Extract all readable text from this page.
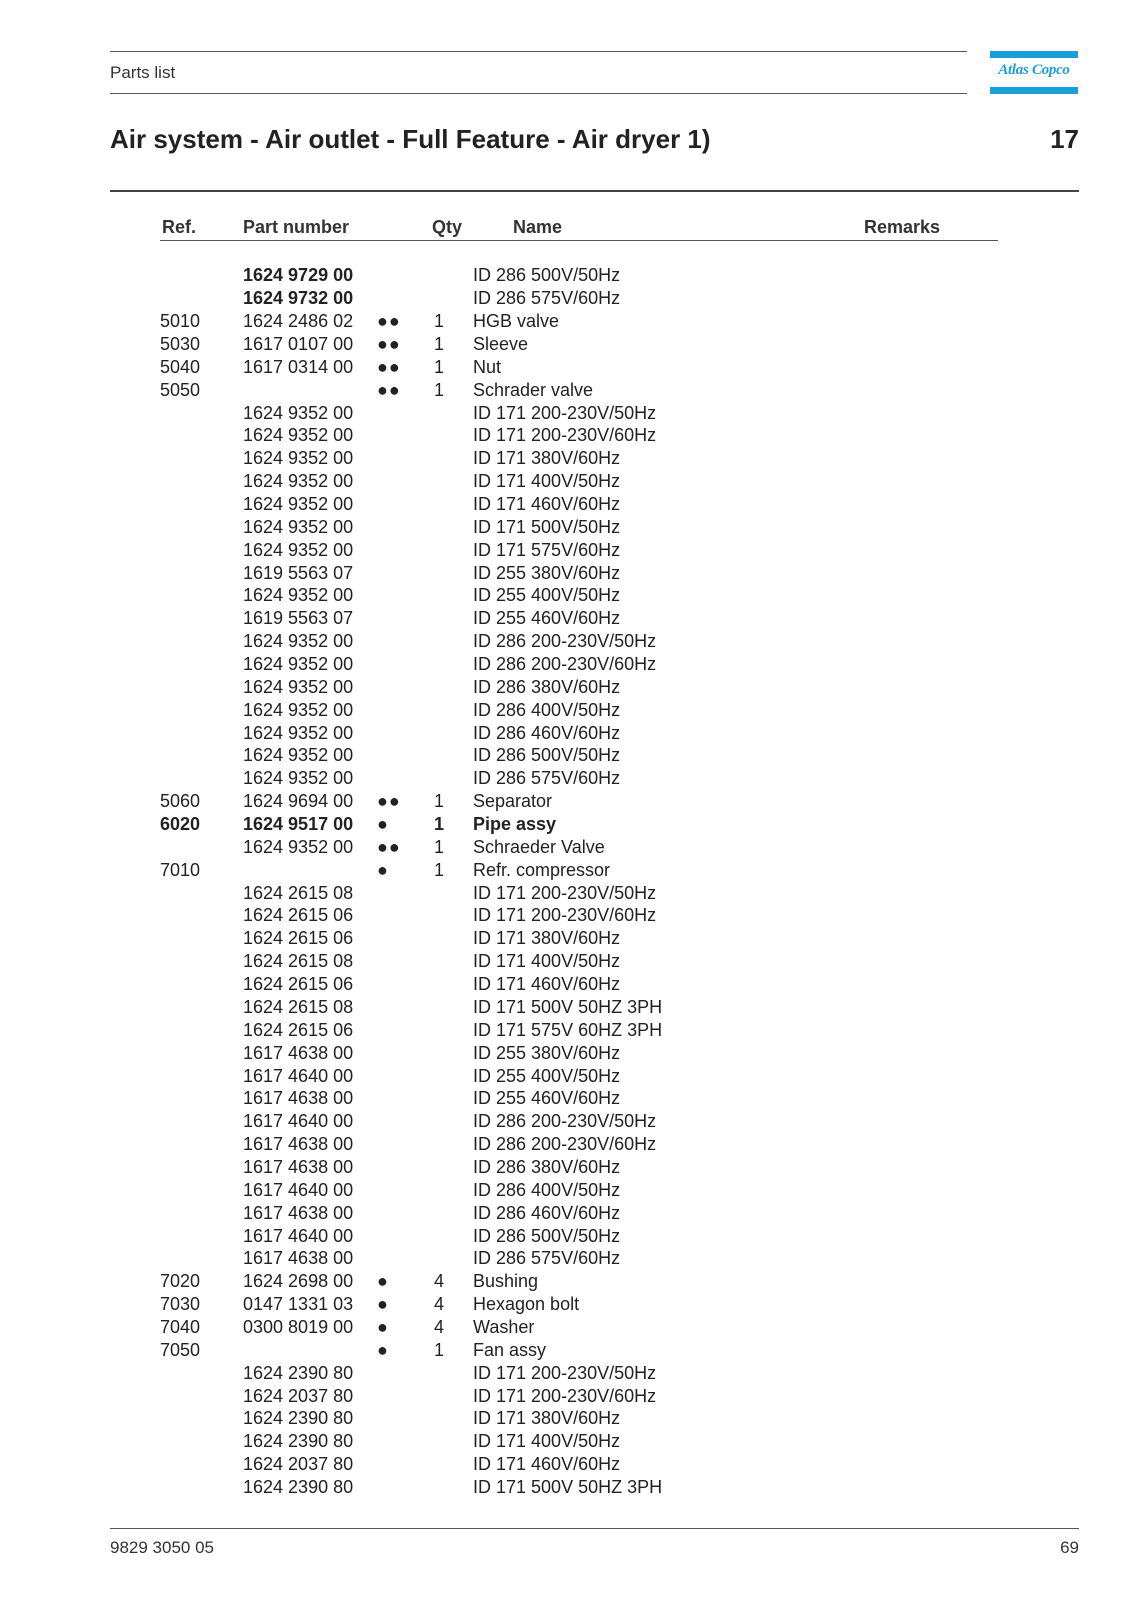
Parts list	Atlas Copco
Air system - Air outlet - Full Feature - Air dryer 1)	17
Ref.	Part number	Qty	Name	Remarks
	1624 9729 00			ID 286 500V/50Hz	
	1624 9732 00			ID 286 575V/60Hz	
5010	1624 2486 02	●●	1	HGB valve	
5030	1617 0107 00	●●	1	Sleeve	
5040	1617 0314 00	●●	1	Nut	
5050		●●	1	Schrader valve	
	1624 9352 00			ID 171 200-230V/50Hz	
	1624 9352 00			ID 171 200-230V/60Hz	
	1624 9352 00			ID 171 380V/60Hz	
	1624 9352 00			ID 171 400V/50Hz	
	1624 9352 00			ID 171 460V/60Hz	
	1624 9352 00			ID 171 500V/50Hz	
	1624 9352 00			ID 171 575V/60Hz	
	1619 5563 07			ID 255 380V/60Hz	
	1624 9352 00			ID 255 400V/50Hz	
	1619 5563 07			ID 255 460V/60Hz	
	1624 9352 00			ID 286 200-230V/50Hz	
	1624 9352 00			ID 286 200-230V/60Hz	
	1624 9352 00			ID 286 380V/60Hz	
	1624 9352 00			ID 286 400V/50Hz	
	1624 9352 00			ID 286 460V/60Hz	
	1624 9352 00			ID 286 500V/50Hz	
	1624 9352 00			ID 286 575V/60Hz	
5060	1624 9694 00	●●	1	Separator	
6020	1624 9517 00	●	1	Pipe assy	
	1624 9352 00	●●	1	Schraeder Valve	
7010		●	1	Refr. compressor	
	1624 2615 08			ID 171 200-230V/50Hz	
	1624 2615 06			ID 171 200-230V/60Hz	
	1624 2615 06			ID 171 380V/60Hz	
	1624 2615 08			ID 171 400V/50Hz	
	1624 2615 06			ID 171 460V/60Hz	
	1624 2615 08			ID 171 500V 50HZ 3PH	
	1624 2615 06			ID 171 575V 60HZ 3PH	
	1617 4638 00			ID 255 380V/60Hz	
	1617 4640 00			ID 255 400V/50Hz	
	1617 4638 00			ID 255 460V/60Hz	
	1617 4640 00			ID 286 200-230V/50Hz	
	1617 4638 00			ID 286 200-230V/60Hz	
	1617 4638 00			ID 286 380V/60Hz	
	1617 4640 00			ID 286 400V/50Hz	
	1617 4638 00			ID 286 460V/60Hz	
	1617 4640 00			ID 286 500V/50Hz	
	1617 4638 00			ID 286 575V/60Hz	
7020	1624 2698 00	●	4	Bushing	
7030	0147 1331 03	●	4	Hexagon bolt	
7040	0300 8019 00	●	4	Washer	
7050		●	1	Fan assy	
	1624 2390 80			ID 171 200-230V/50Hz	
	1624 2037 80			ID 171 200-230V/60Hz	
	1624 2390 80			ID 171 380V/60Hz	
	1624 2390 80			ID 171 400V/50Hz	
	1624 2037 80			ID 171 460V/60Hz	
	1624 2390 80			ID 171 500V 50HZ 3PH	
9829 3050 05	69
